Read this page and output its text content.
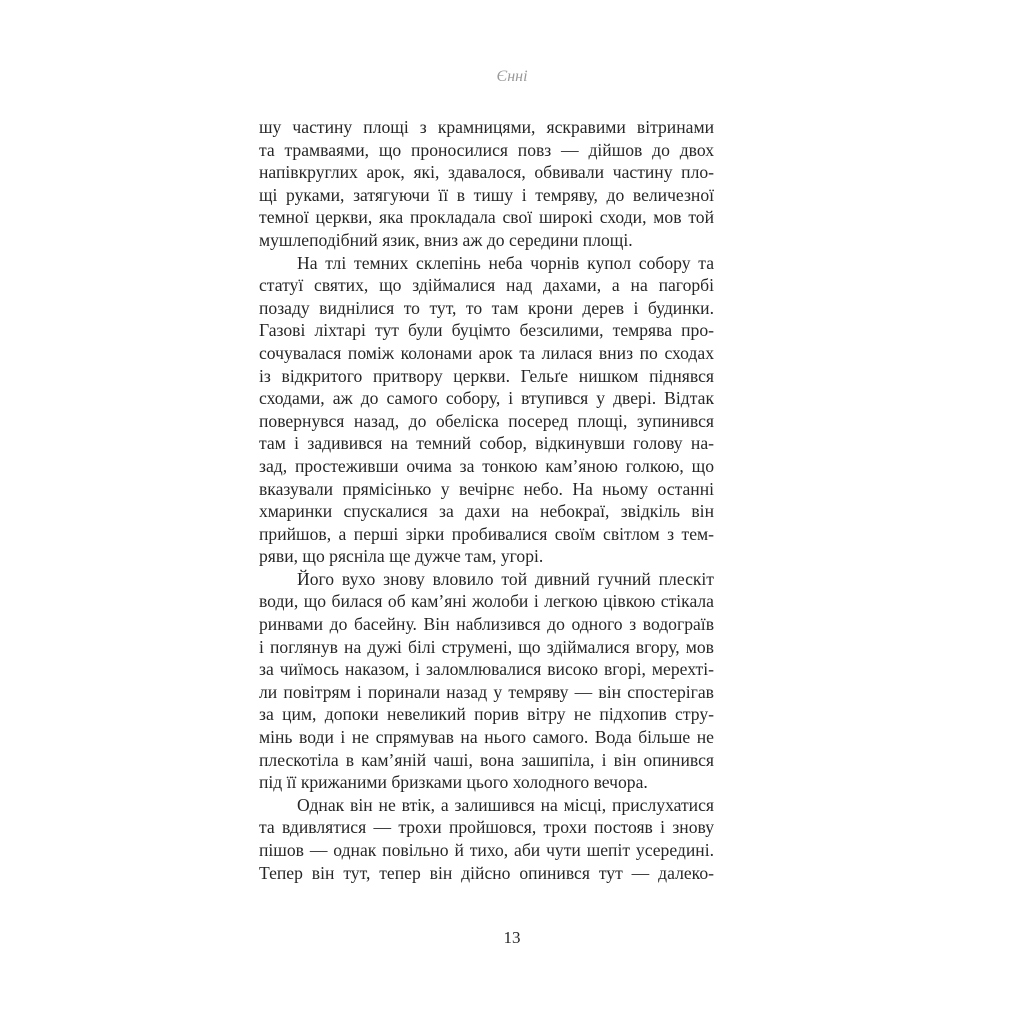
Єнні
шу частину площі з крамницями, яскравими вітринами
та трамваями, що проносилися повз — дійшов до двох
напівкруглих арок, які, здавалося, обвивали частину пло-
щі руками, затягуючи її в тишу і темряву, до величезної
темної церкви, яка прокладала свої широкі сходи, мов той
мушлеподібний язик, вниз аж до середини площі.
На тлі темних склепінь неба чорнів купол собору та
статуї святих, що здіймалися над дахами, а на пагорбі
позаду виднілися то тут, то там крони дерев і будинки.
Газові ліхтарі тут були буцімто безсилими, темрява про-
сочувалася поміж колонами арок та лилася вниз по сходах
із відкритого притвору церкви. Гельґе нишком піднявся
сходами, аж до самого собору, і втупився у двері. Відтак
повернувся назад, до обеліска посеред площі, зупинився
там і задивився на темний собор, відкинувши голову на-
зад, простеживши очима за тонкою кам’яною голкою, що
вказували прямісінько у вечірнє небо. На ньому останні
хмаринки спускалися за дахи на небокраї, звідкіль він
прийшов, а перші зірки пробивалися своїм світлом з тем-
ряви, що рясніла ще дужче там, угорі.
Його вухо знову вловило той дивний гучний плескіт
води, що билася об кам’яні жолоби і легкою цівкою стікала
ринвами до басейну. Він наблизився до одного з водограїв
і поглянув на дужі білі струмені, що здіймалися вгору, мов
за чиїмось наказом, і заломлювалися високо вгорі, мерехті-
ли повітрям і поринали назад у темряву — він спостерігав
за цим, допоки невеликий порив вітру не підхопив стру-
мінь води і не спрямував на нього самого. Вода більше не
плескотіла в кам’яній чаші, вона зашипіла, і він опинився
під її крижаними бризками цього холодного вечора.
Однак він не втік, а залишився на місці, прислухатися
та вдивлятися — трохи пройшовся, трохи постояв і знову
пішов — однак повільно й тихо, аби чути шепіт усередині.
Тепер він тут, тепер він дійсно опинився тут — далеко-
13
